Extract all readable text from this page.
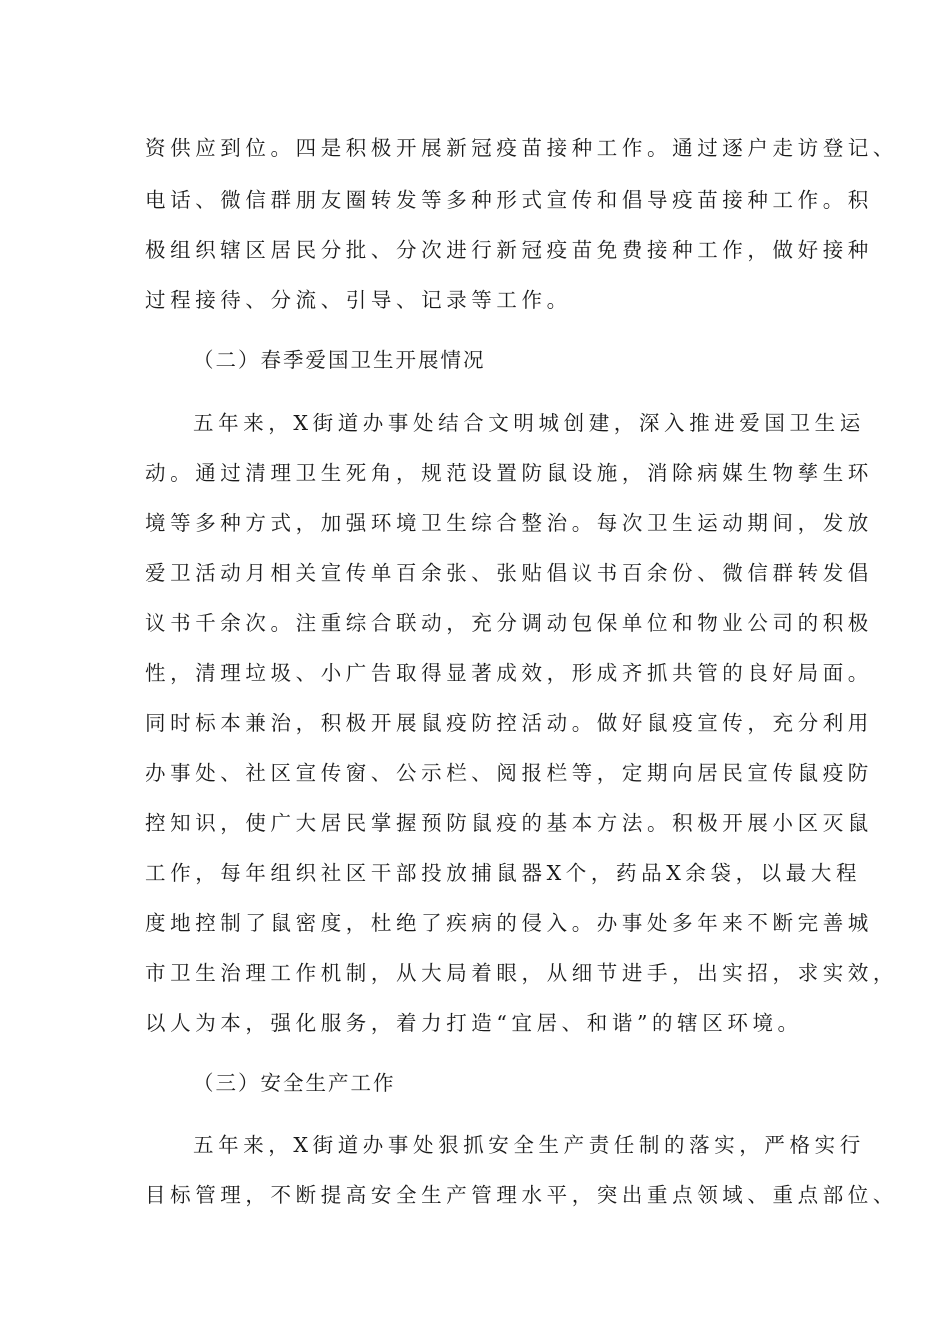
资供应到位。四是积极开展新冠疫苗接种工作。通过逐户走访登记、
电话、微信群朋友圈转发等多种形式宣传和倡导疫苗接种工作。积
极组织辖区居民分批、分次进行新冠疫苗免费接种工作，做好接种
过程接待、分流、引导、记录等工作。
（二）春季爱国卫生开展情况
五年来，X街道办事处结合文明城创建，深入推进爱国卫生运
动。通过清理卫生死角，规范设置防鼠设施，消除病媒生物孳生环
境等多种方式，加强环境卫生综合整治。每次卫生运动期间，发放
爱卫活动月相关宣传单百余张、张贴倡议书百余份、微信群转发倡
议书千余次。注重综合联动，充分调动包保单位和物业公司的积极
性，清理垃圾、小广告取得显著成效，形成齐抓共管的良好局面。
同时标本兼治，积极开展鼠疫防控活动。做好鼠疫宣传，充分利用
办事处、社区宣传窗、公示栏、阅报栏等，定期向居民宣传鼠疫防
控知识，使广大居民掌握预防鼠疫的基本方法。积极开展小区灭鼠
工作，每年组织社区干部投放捕鼠器X个，药品X余袋，以最大程
度地控制了鼠密度，杜绝了疾病的侵入。办事处多年来不断完善城
市卫生治理工作机制，从大局着眼，从细节进手，出实招，求实效，
以人为本，强化服务，着力打造“宜居、和谐”的辖区环境。
（三）安全生产工作
五年来，X街道办事处狠抓安全生产责任制的落实，严格实行
目标管理，不断提高安全生产管理水平，突出重点领域、重点部位、
